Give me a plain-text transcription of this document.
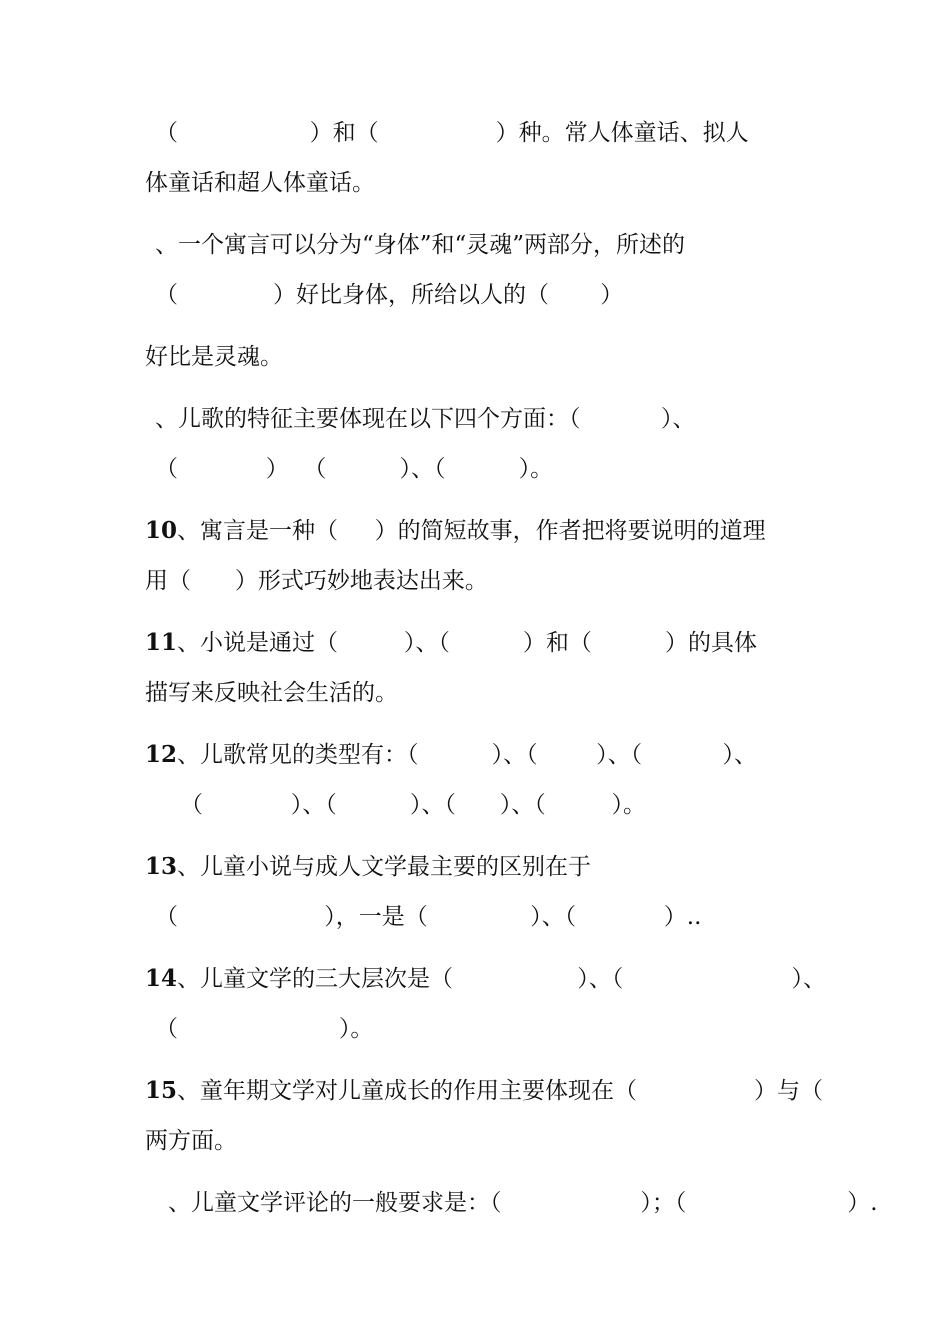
（                  ）和（                ）种。常人体童话、拟人
体童话和超人体童话。
、一个寓言可以分为“身体”和“灵魂”两部分，所述的
（             ）好比身体，所给以人的（       ）
好比是灵魂。
、儿歌的特征主要体现在以下四个方面：（           ）、
（            ）  （          ）、（          ）。
10、寓言是一种（     ）的简短故事，作者把将要说明的道理
用（      ）形式巧妙地表达出来。
11、小说是通过（         ）、（          ）和（          ）的具体
描写来反映社会生活的。
12、儿歌常见的类型有：（          ）、（        ）、（           ）、
（            ）、（          ）、（      ）、（         ）。
13、儿童小说与成人文学最主要的区别在于
（                    ），一是（              ）、（            ）..
14、儿童文学的三大层次是（                 ）、（                       ）、
（                      ）。
15、童年期文学对儿童成长的作用主要体现在（                ）与（
两方面。
、儿童文学评论的一般要求是：（                   ）；（                      ）.
